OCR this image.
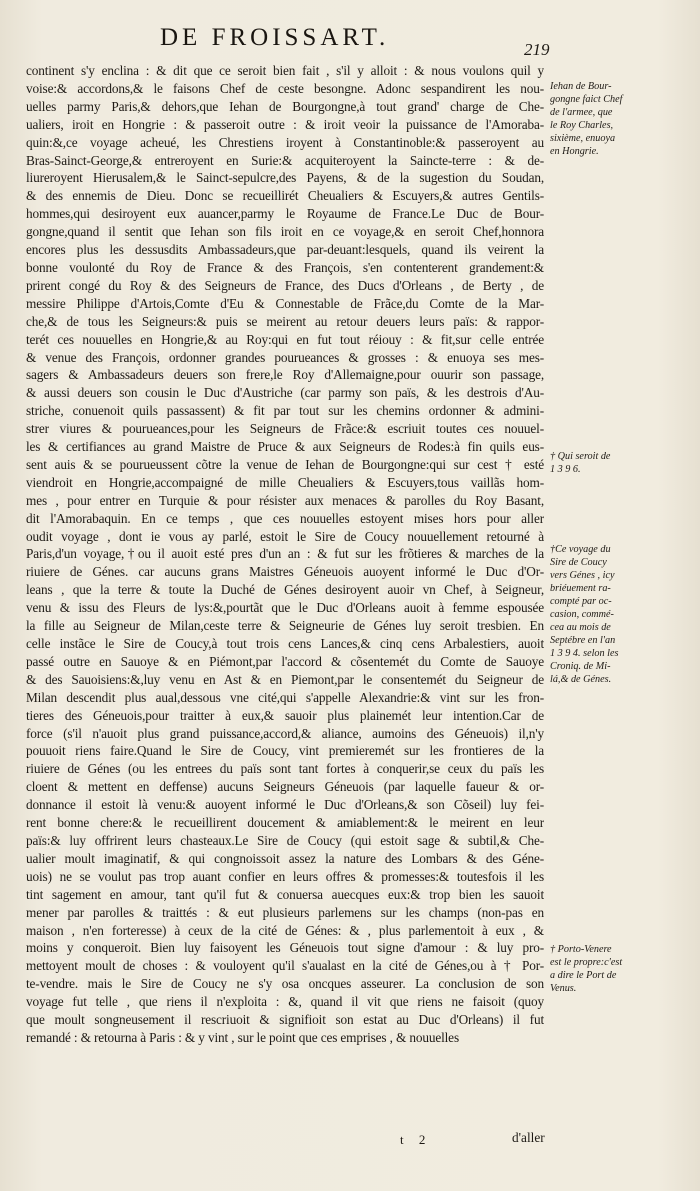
DE FROISSART.	219
continent s'y enclina : & dit que ce seroit bien fait , s'il y alloit : & nous voulons quil y
voise:& accordons,& le faisons Chef de ceste besongne. Adonc sespandirent les nou-
uelles parmy Paris,& dehors,que Iehan de Bourgongne,à tout grand' charge de Che-
ualiers, iroit en Hongrie : & passeroit outre : & iroit veoir la puissance de l'Amoraba-
quin:&,ce voyage acheué, les Chrestiens iroyent à Constantinoble:& passeroyent au
Bras-Sainct-George,& entreroyent en Surie:& acquiteroyent la Saincte-terre : & de-
liureroyent Hierusalem,& le Sainct-sepulcre,des Payens, & de la sugestion du Soudan,
& des ennemis de Dieu. Donc se recueillirét Cheualiers & Escuyers,& autres Gentils-
hommes,qui desiroyent eux auancer,parmy le Royaume de France.Le Duc de Bour-
gongne,quand il sentit que Iehan son fils iroit en ce voyage,& en seroit Chef,honnora
encores plus les dessusdits Ambassadeurs,que par-deuant:lesquels, quand ils veirent la
bonne voulonté du Roy de France & des François, s'en contenterent grandement:&
prirent congé du Roy & des Seigneurs de France, des Ducs d'Orleans , de Berty , de
messire Philippe d'Artois,Comte d'Eu & Connestable de Frãce,du Comte de la Mar-
che,& de tous les Seigneurs:& puis se meirent au retour deuers leurs païs: & rappor-
terét ces nouuelles en Hongrie,& au Roy:qui en fut tout réiouy : & fit,sur celle entrée
& venue des François, ordonner grandes pourueances & grosses : & enuoya ses mes-
sagers & Ambassadeurs deuers son frere,le Roy d'Allemaigne,pour ouurir son passage,
& aussi deuers son cousin le Duc d'Austriche (car parmy son païs, & les destrois d'Au-
striche, conuenoit quils passassent) & fit par tout sur les chemins ordonner & admini-
strer viures & pourueances,pour les Seigneurs de Frãce:& escriuit toutes ces nouuel-
les & certifiances au grand Maistre de Pruce & aux Seigneurs de Rodes:à fin quils eus-
sent auis & se pourueussent cõtre la venue de Iehan de Bourgongne:qui sur cest † esté
viendroit en Hongrie,accompaigné de mille Cheualiers & Escuyers,tous vaillãs hom-
mes , pour entrer en Turquie & pour résister aux menaces & parolles du Roy Basant,
dit l'Amorabaquin. En ce temps , que ces nouuelles estoyent mises hors pour aller
oudit voyage , dont ie vous ay parlé, estoit le Sire de Coucy nouuellement retourné à
Paris,d'un voyage,†ou il auoit esté pres d'un an : & fut sur les frõtieres & marches de la
riuiere de Génes. car aucuns grans Maistres Géneuois auoyent informé le Duc d'Or-
leans , que la terre & toute la Duché de Génes desiroyent auoir vn Chef, à Seigneur,
venu & issu des Fleurs de lys:&,pourtãt que le Duc d'Orleans auoit à femme espousée
la fille au Seigneur de Milan,ceste terre & Seigneurie de Génes luy seroit tresbien. En
celle instãce le Sire de Coucy,à tout trois cens Lances,& cinq cens Arbalestiers, auoit
passé outre en Sauoye & en Piémont,par l'accord & cõsentemét du Comte de Sauoye
& des Sauoisiens:&,luy venu en Ast & en Piemont,par le consentemét du Seigneur de
Milan descendit plus aual,dessous vne cité,qui s'appelle Alexandrie:& vint sur les fron-
tieres des Géneuois,pour traitter à eux,& sauoir plus plainemét leur intention.Car de
force (s'il n'auoit plus grand puissance,accord,& aliance, aumoins des Géneuois) il,n'y
pouuoit riens faire.Quand le Sire de Coucy, vint premieremét sur les frontieres de la
riuiere de Génes (ou les entrees du païs sont tant fortes à conquerir,se ceux du païs les
cloent & mettent en deffense) aucuns Seigneurs Géneuois (par laquelle faueur & or-
donnance il estoit là venu:& auoyent informé le Duc d'Orleans,& son Cõseil) luy fei-
rent bonne chere:& le recueillirent doucement & amiablement:& le meirent en leur
païs:& luy offrirent leurs chasteaux.Le Sire de Coucy (qui estoit sage & subtil,& Che-
ualier moult imaginatif, & qui congnoissoit assez la nature des Lombars & des Géne-
uois) ne se voulut pas trop auant confier en leurs offres & promesses:& toutesfois il les
tint sagement en amour, tant qu'il fut & conuersa auecques eux:& trop bien les sauoit
mener par parolles & traittés : & eut plusieurs parlemens sur les champs (non-pas en
maison , n'en forteresse) à ceux de la cité de Génes: & , plus parlementoit à eux , &
moins y conqueroit. Bien luy faisoyent les Géneuois tout signe d'amour : & luy pro-
mettoyent moult de choses : & vouloyent qu'il s'aualast en la cité de Génes,ou à † Por-
te-vendre. mais le Sire de Coucy ne s'y osa oncques asseurer. La conclusion de son
voyage fut telle , que riens il n'exploita : &, quand il vit que riens ne faisoit (quoy
que moult songneusement il rescriuoit & signifioit son estat au Duc d'Orleans) il fut
remandé : & retourna à Paris : & y vint , sur le point que ces emprises , & nouuelles
Iehan de Bour-
gongne faict Chef
de l'armee, que
le Roy Charles,
sixième, enuoya
en Hongrie.
† Qui seroit de
1 3 9 6.
†Ce voyage du
Sire de Coucy
vers Génes , icy
briéuement ra-
compté par oc-
casion, commé-
cea au mois de
Septébre en l'an
1 3 9 4. selon les
Croniq. de Mi-
lá,& de Génes.
† Porto-Venere
est le propre:c'est
a dire le Port de
Venus.
t 2	d'aller
